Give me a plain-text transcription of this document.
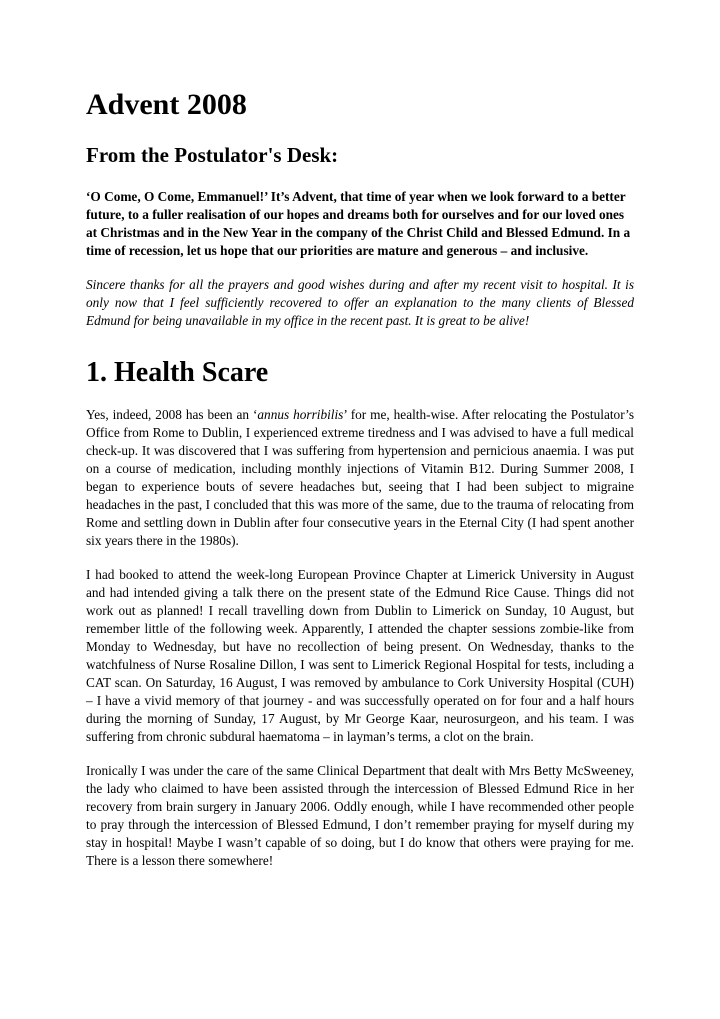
Advent 2008
From the Postulator's Desk:

‘O Come, O Come, Emmanuel!’ It’s Advent, that time of year when we look forward to a better future, to a fuller realisation of our hopes and dreams both for ourselves and for our loved ones at Christmas and in the New Year in the company of the Christ Child and Blessed Edmund. In a time of recession, let us hope that our priorities are mature and generous – and inclusive.

Sincere thanks for all the prayers and good wishes during and after my recent visit to hospital. It is only now that I feel sufficiently recovered to offer an explanation to the many clients of Blessed Edmund for being unavailable in my office in the recent past. It is great to be alive!

1. Health Scare

Yes, indeed, 2008 has been an ‘annus horribilis’ for me, health-wise. After relocating the Postulator’s Office from Rome to Dublin, I experienced extreme tiredness and I was advised to have a full medical check-up. It was discovered that I was suffering from hypertension and pernicious anaemia. I was put on a course of medication, including monthly injections of Vitamin B12. During Summer 2008, I began to experience bouts of severe headaches but, seeing that I had been subject to migraine headaches in the past, I concluded that this was more of the same, due to the trauma of relocating from Rome and settling down in Dublin after four consecutive years in the Eternal City (I had spent another six years there in the 1980s).

I had booked to attend the week-long European Province Chapter at Limerick University in August and had intended giving a talk there on the present state of the Edmund Rice Cause. Things did not work out as planned! I recall travelling down from Dublin to Limerick on Sunday, 10 August, but remember little of the following week. Apparently, I attended the chapter sessions zombie-like from Monday to Wednesday, but have no recollection of being present. On Wednesday, thanks to the watchfulness of Nurse Rosaline Dillon, I was sent to Limerick Regional Hospital for tests, including a CAT scan. On Saturday, 16 August, I was removed by ambulance to Cork University Hospital (CUH) – I have a vivid memory of that journey - and was successfully operated on for four and a half hours during the morning of Sunday, 17 August, by Mr George Kaar, neurosurgeon, and his team. I was suffering from chronic subdural haematoma – in layman’s terms, a clot on the brain.

Ironically I was under the care of the same Clinical Department that dealt with Mrs Betty McSweeney, the lady who claimed to have been assisted through the intercession of Blessed Edmund Rice in her recovery from brain surgery in January 2006. Oddly enough, while I have recommended other people to pray through the intercession of Blessed Edmund, I don’t remember praying for myself during my stay in hospital! Maybe I wasn’t capable of so doing, but I do know that others were praying for me. There is a lesson there somewhere!
